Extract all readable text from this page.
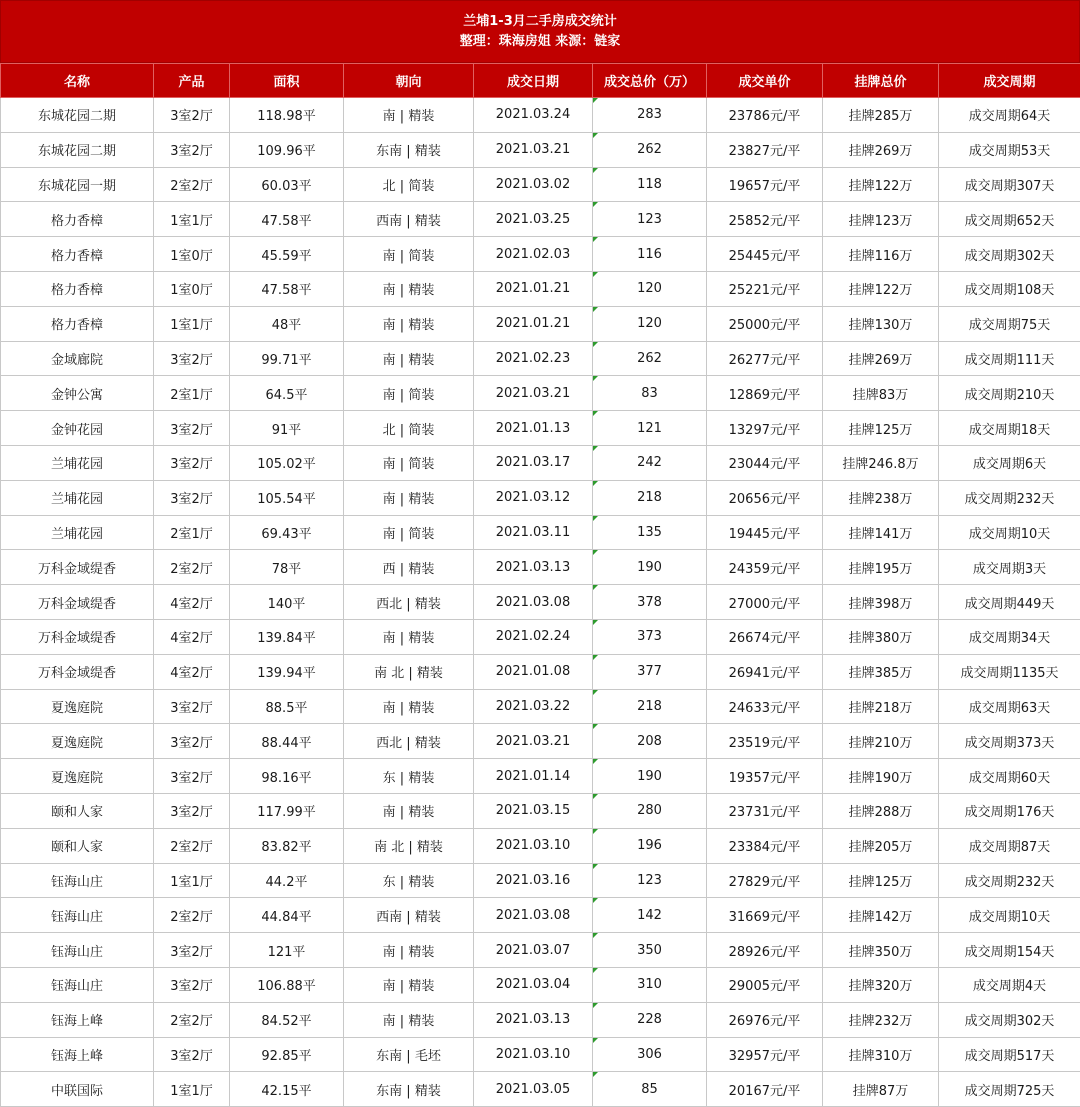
兰埔1-3月二手房成交统计
整理：珠海房姐 来源：链家
名称	产品	面积	朝向	成交日期	成交总价（万）	成交单价	挂牌总价	成交周期
东城花园二期	3室2厅	118.98平	南 | 精装	2021.03.24	283	23786元/平	挂牌285万	成交周期64天
东城花园二期	3室2厅	109.96平	东南 | 精装	2021.03.21	262	23827元/平	挂牌269万	成交周期53天
东城花园一期	2室2厅	60.03平	北 | 简装	2021.03.02	118	19657元/平	挂牌122万	成交周期307天
格力香樟	1室1厅	47.58平	西南 | 精装	2021.03.25	123	25852元/平	挂牌123万	成交周期652天
格力香樟	1室0厅	45.59平	南 | 简装	2021.02.03	116	25445元/平	挂牌116万	成交周期302天
格力香樟	1室0厅	47.58平	南 | 精装	2021.01.21	120	25221元/平	挂牌122万	成交周期108天
格力香樟	1室1厅	48平	南 | 精装	2021.01.21	120	25000元/平	挂牌130万	成交周期75天
金域廊院	3室2厅	99.71平	南 | 精装	2021.02.23	262	26277元/平	挂牌269万	成交周期111天
金钟公寓	2室1厅	64.5平	南 | 简装	2021.03.21	83	12869元/平	挂牌83万	成交周期210天
金钟花园	3室2厅	91平	北 | 简装	2021.01.13	121	13297元/平	挂牌125万	成交周期18天
兰埔花园	3室2厅	105.02平	南 | 简装	2021.03.17	242	23044元/平	挂牌246.8万	成交周期6天
兰埔花园	3室2厅	105.54平	南 | 精装	2021.03.12	218	20656元/平	挂牌238万	成交周期232天
兰埔花园	2室1厅	69.43平	南 | 简装	2021.03.11	135	19445元/平	挂牌141万	成交周期10天
万科金域缇香	2室2厅	78平	西 | 精装	2021.03.13	190	24359元/平	挂牌195万	成交周期3天
万科金域缇香	4室2厅	140平	西北 | 精装	2021.03.08	378	27000元/平	挂牌398万	成交周期449天
万科金域缇香	4室2厅	139.84平	南 | 精装	2021.02.24	373	26674元/平	挂牌380万	成交周期34天
万科金域缇香	4室2厅	139.94平	南 北 | 精装	2021.01.08	377	26941元/平	挂牌385万	成交周期1135天
夏逸庭院	3室2厅	88.5平	南 | 精装	2021.03.22	218	24633元/平	挂牌218万	成交周期63天
夏逸庭院	3室2厅	88.44平	西北 | 精装	2021.03.21	208	23519元/平	挂牌210万	成交周期373天
夏逸庭院	3室2厅	98.16平	东 | 精装	2021.01.14	190	19357元/平	挂牌190万	成交周期60天
颐和人家	3室2厅	117.99平	南 | 精装	2021.03.15	280	23731元/平	挂牌288万	成交周期176天
颐和人家	2室2厅	83.82平	南 北 | 精装	2021.03.10	196	23384元/平	挂牌205万	成交周期87天
钰海山庄	1室1厅	44.2平	东 | 精装	2021.03.16	123	27829元/平	挂牌125万	成交周期232天
钰海山庄	2室2厅	44.84平	西南 | 精装	2021.03.08	142	31669元/平	挂牌142万	成交周期10天
钰海山庄	3室2厅	121平	南 | 精装	2021.03.07	350	28926元/平	挂牌350万	成交周期154天
钰海山庄	3室2厅	106.88平	南 | 精装	2021.03.04	310	29005元/平	挂牌320万	成交周期4天
钰海上峰	2室2厅	84.52平	南 | 精装	2021.03.13	228	26976元/平	挂牌232万	成交周期302天
钰海上峰	3室2厅	92.85平	东南 | 毛坯	2021.03.10	306	32957元/平	挂牌310万	成交周期517天
中联国际	1室1厅	42.15平	东南 | 精装	2021.03.05	85	20167元/平	挂牌87万	成交周期725天
